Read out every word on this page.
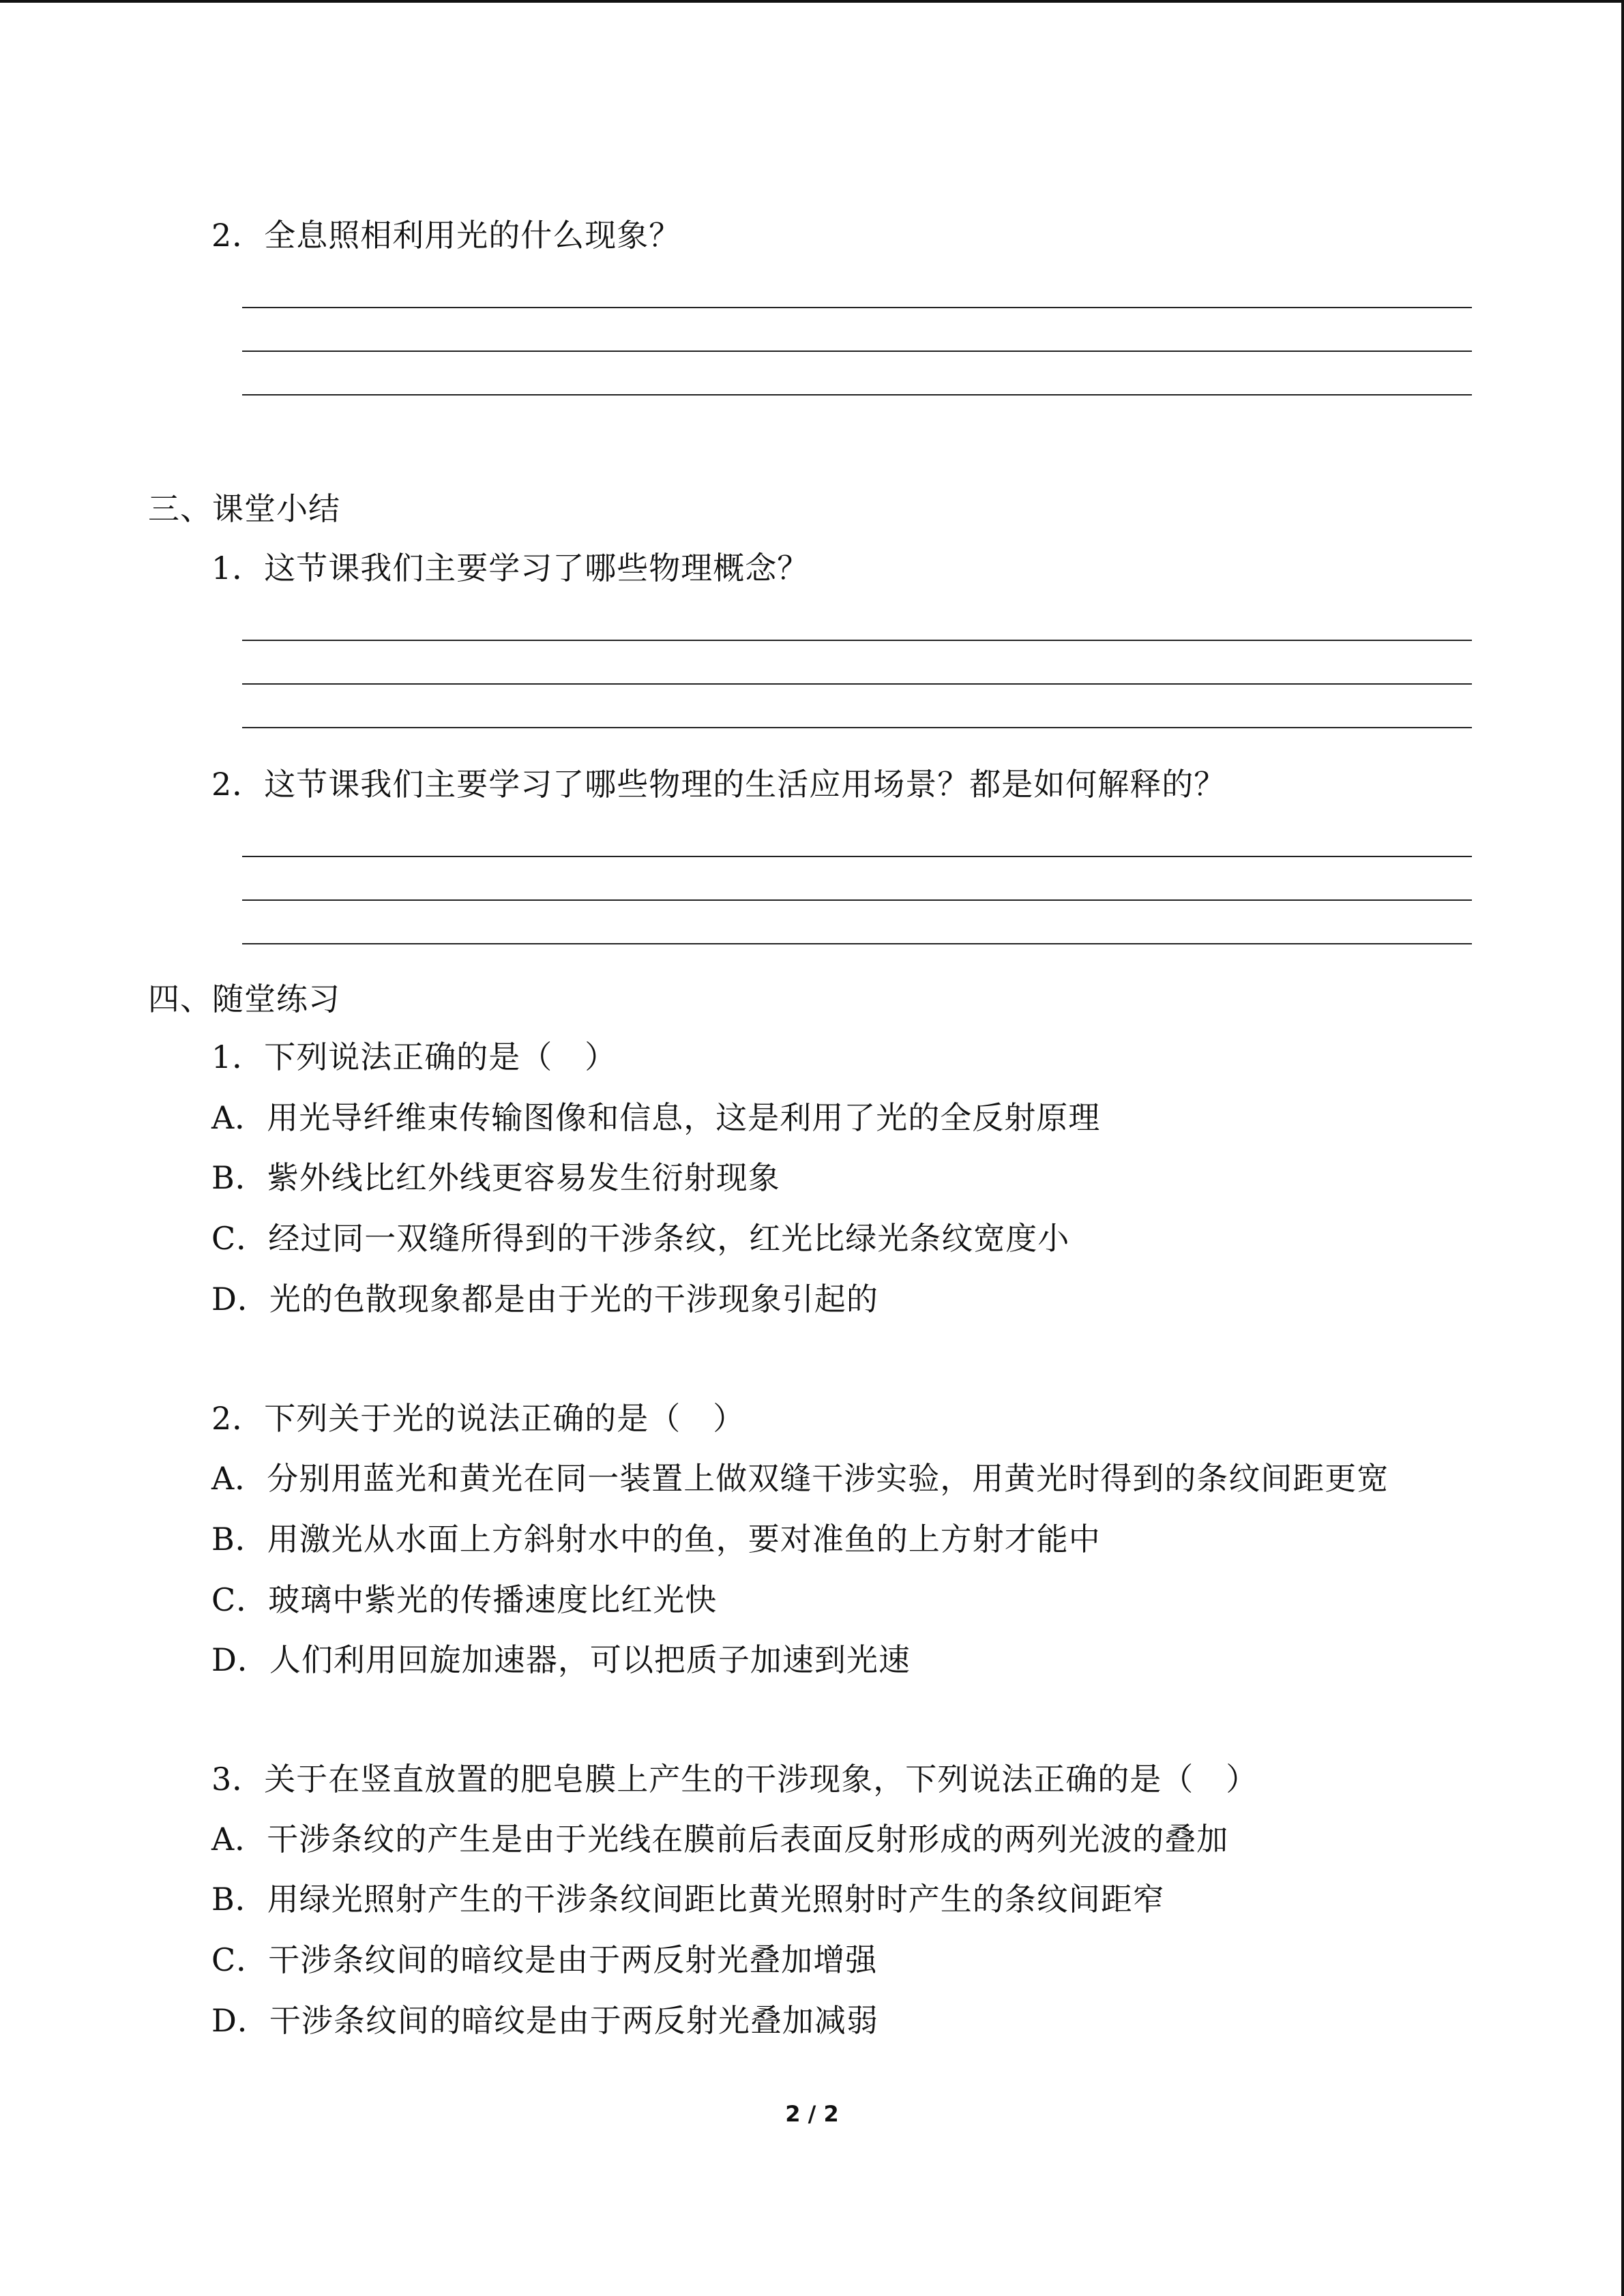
2．全息照相利用光的什么现象？
三、课堂小结
1．这节课我们主要学习了哪些物理概念？
2．这节课我们主要学习了哪些物理的生活应用场景？都是如何解释的？
四、随堂练习
1．下列说法正确的是（　）
A．用光导纤维束传输图像和信息，这是利用了光的全反射原理
B．紫外线比红外线更容易发生衍射现象
C．经过同一双缝所得到的干涉条纹，红光比绿光条纹宽度小
D．光的色散现象都是由于光的干涉现象引起的
2．下列关于光的说法正确的是（　）
A．分别用蓝光和黄光在同一装置上做双缝干涉实验，用黄光时得到的条纹间距更宽
B．用激光从水面上方斜射水中的鱼，要对准鱼的上方射才能中
C．玻璃中紫光的传播速度比红光快
D．人们利用回旋加速器，可以把质子加速到光速
3．关于在竖直放置的肥皂膜上产生的干涉现象，下列说法正确的是（　）
A．干涉条纹的产生是由于光线在膜前后表面反射形成的两列光波的叠加
B．用绿光照射产生的干涉条纹间距比黄光照射时产生的条纹间距窄
C．干涉条纹间的暗纹是由于两反射光叠加增强
D．干涉条纹间的暗纹是由于两反射光叠加减弱
2 / 2
